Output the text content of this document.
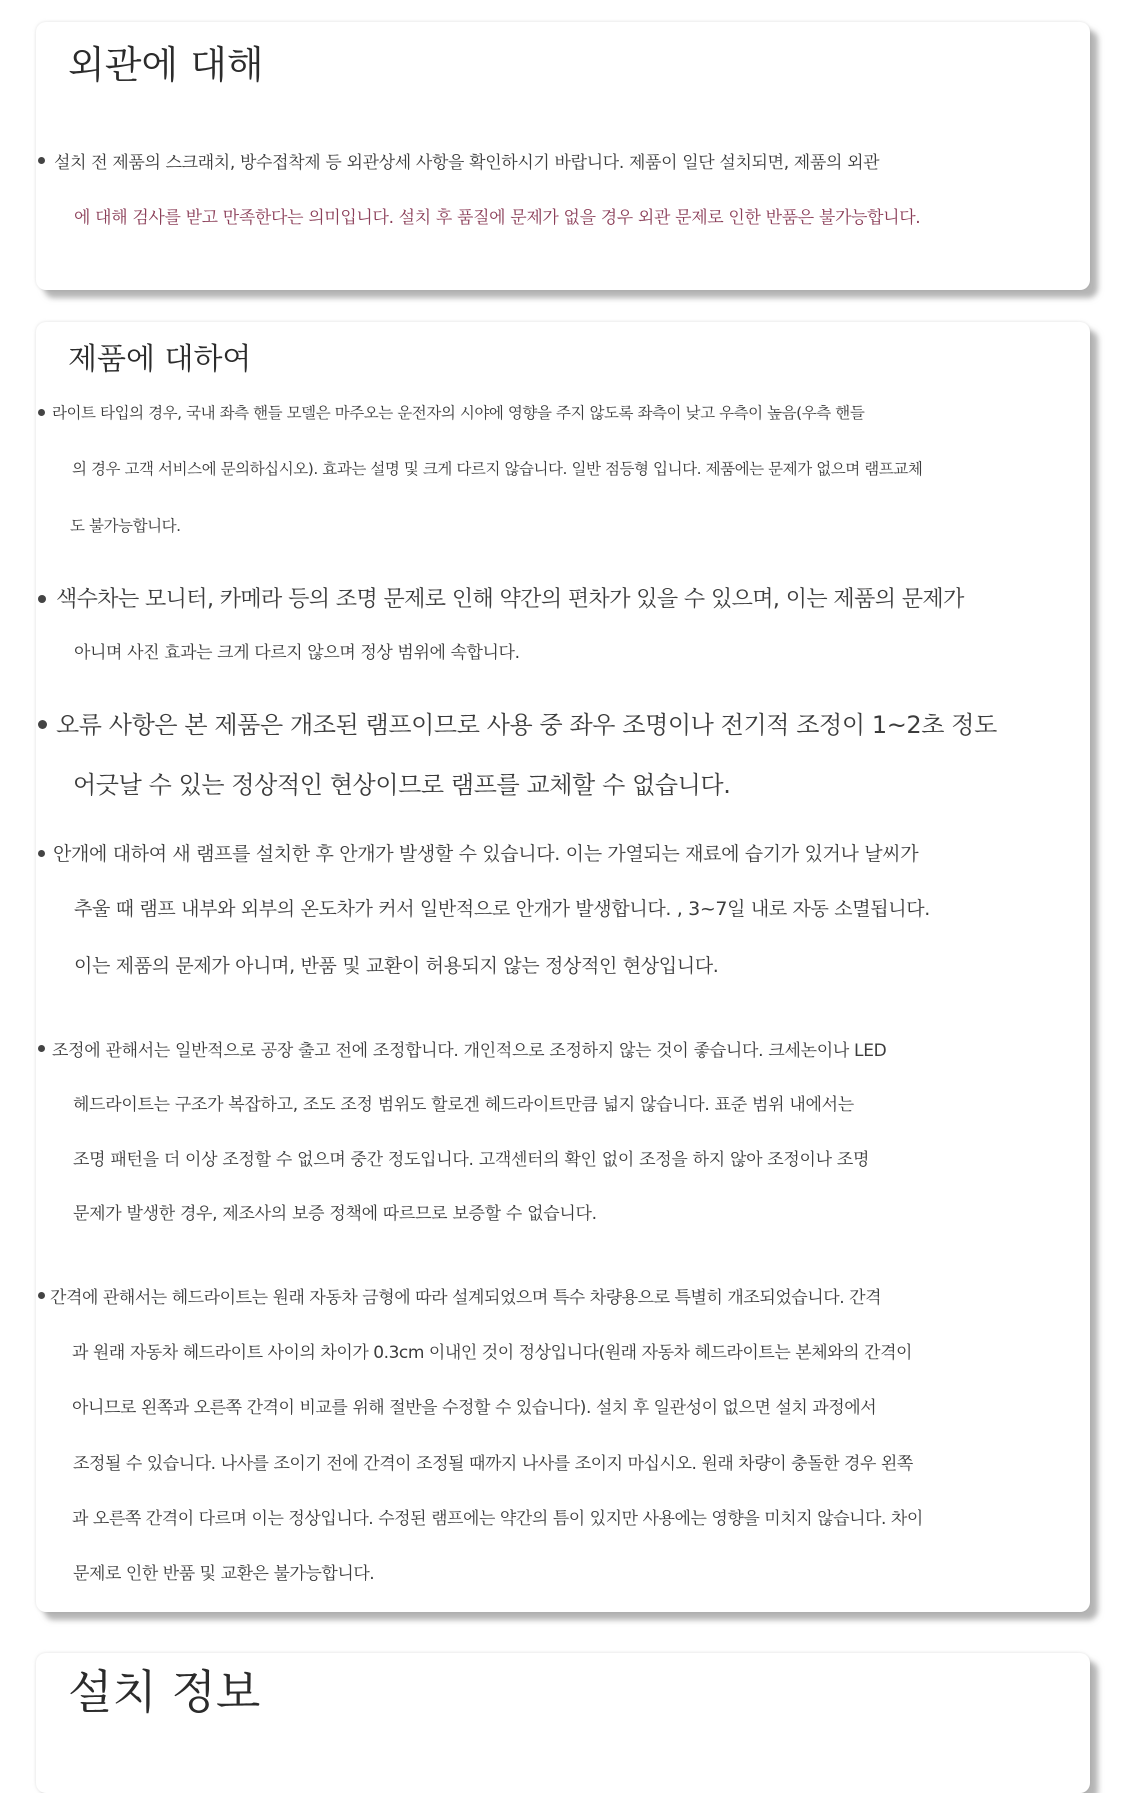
외관에 대해
설치 전 제품의 스크래치, 방수접착제 등 외관상세 사항을 확인하시기 바랍니다. 제품이 일단 설치되면, 제품의 외관
에 대해 검사를 받고 만족한다는 의미입니다. 설치 후 품질에 문제가 없을 경우 외관 문제로 인한 반품은 불가능합니다.
제품에 대하여
라이트 타입의 경우, 국내 좌측 핸들 모델은 마주오는 운전자의 시야에 영향을 주지 않도록 좌측이 낮고 우측이 높음(우측 핸들
의 경우 고객 서비스에 문의하십시오). 효과는 설명 및 크게 다르지 않습니다. 일반 점등형 입니다. 제품에는 문제가 없으며 램프교체
도 불가능합니다.
색수차는 모니터, 카메라 등의 조명 문제로 인해 약간의 편차가 있을 수 있으며, 이는 제품의 문제가
아니며 사진 효과는 크게 다르지 않으며 정상 범위에 속합니다.
오류 사항은 본 제품은 개조된 램프이므로 사용 중 좌우 조명이나 전기적 조정이 1~2초 정도
어긋날 수 있는 정상적인 현상이므로 램프를 교체할 수 없습니다.
안개에 대하여 새 램프를 설치한 후 안개가 발생할 수 있습니다. 이는 가열되는 재료에 습기가 있거나 날씨가
추울 때 램프 내부와 외부의 온도차가 커서 일반적으로 안개가 발생합니다. , 3~7일 내로 자동 소멸됩니다.
이는 제품의 문제가 아니며, 반품 및 교환이 허용되지 않는 정상적인 현상입니다.
조정에 관해서는 일반적으로 공장 출고 전에 조정합니다. 개인적으로 조정하지 않는 것이 좋습니다. 크세논이나 LED
헤드라이트는 구조가 복잡하고, 조도 조정 범위도 할로겐 헤드라이트만큼 넓지 않습니다. 표준 범위 내에서는
조명 패턴을 더 이상 조정할 수 없으며 중간 정도입니다. 고객센터의 확인 없이 조정을 하지 않아 조정이나 조명
문제가 발생한 경우, 제조사의 보증 정책에 따르므로 보증할 수 없습니다.
간격에 관해서는 헤드라이트는 원래 자동차 금형에 따라 설계되었으며 특수 차량용으로 특별히 개조되었습니다. 간격
과 원래 자동차 헤드라이트 사이의 차이가 0.3cm 이내인 것이 정상입니다(원래 자동차 헤드라이트는 본체와의 간격이
아니므로 왼쪽과 오른쪽 간격이 비교를 위해 절반을 수정할 수 있습니다). 설치 후 일관성이 없으면 설치 과정에서
조정될 수 있습니다. 나사를 조이기 전에 간격이 조정될 때까지 나사를 조이지 마십시오. 원래 차량이 충돌한 경우 왼쪽
과 오른쪽 간격이 다르며 이는 정상입니다. 수정된 램프에는 약간의 틈이 있지만 사용에는 영향을 미치지 않습니다. 차이
문제로 인한 반품 및 교환은 불가능합니다.
설치 정보
